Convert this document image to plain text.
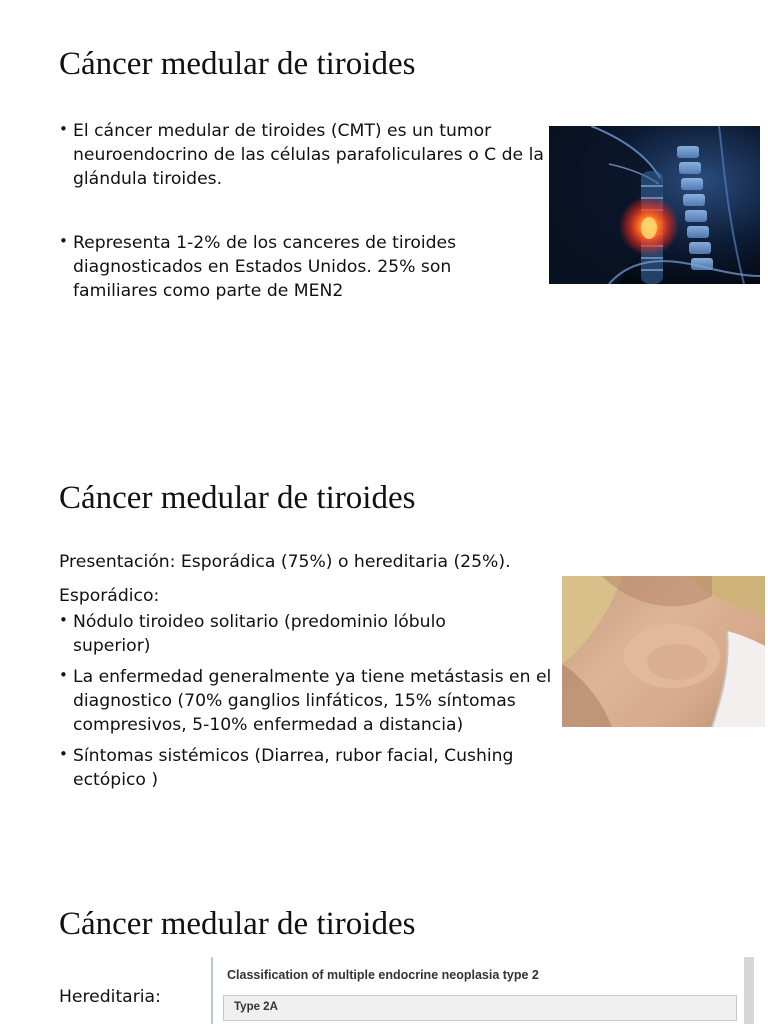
Cáncer medular de tiroides
• El cáncer medular de tiroides (CMT) es un tumor neuroendocrino de las células parafoliculares o C de la glándula tiroides.
• Representa 1-2% de los canceres de tiroides diagnosticados en Estados Unidos. 25% son familiares como parte de MEN2
Cáncer medular de tiroides

Presentación: Esporádica (75%) o hereditaria (25%).

Esporádico:

• Nódulo tiroideo solitario (predominio lóbulo superior)
• La enfermedad generalmente ya tiene metástasis en el diagnostico (70% ganglios linfáticos, 15% síntomas compresivos, 5-10% enfermedad a distancia)
• Síntomas sistémicos (Diarrea, rubor facial, Cushing ectópico )
Cáncer medular de tiroides
Hereditaria:
Classification of multiple endocrine neoplasia type 2
Type 2A
